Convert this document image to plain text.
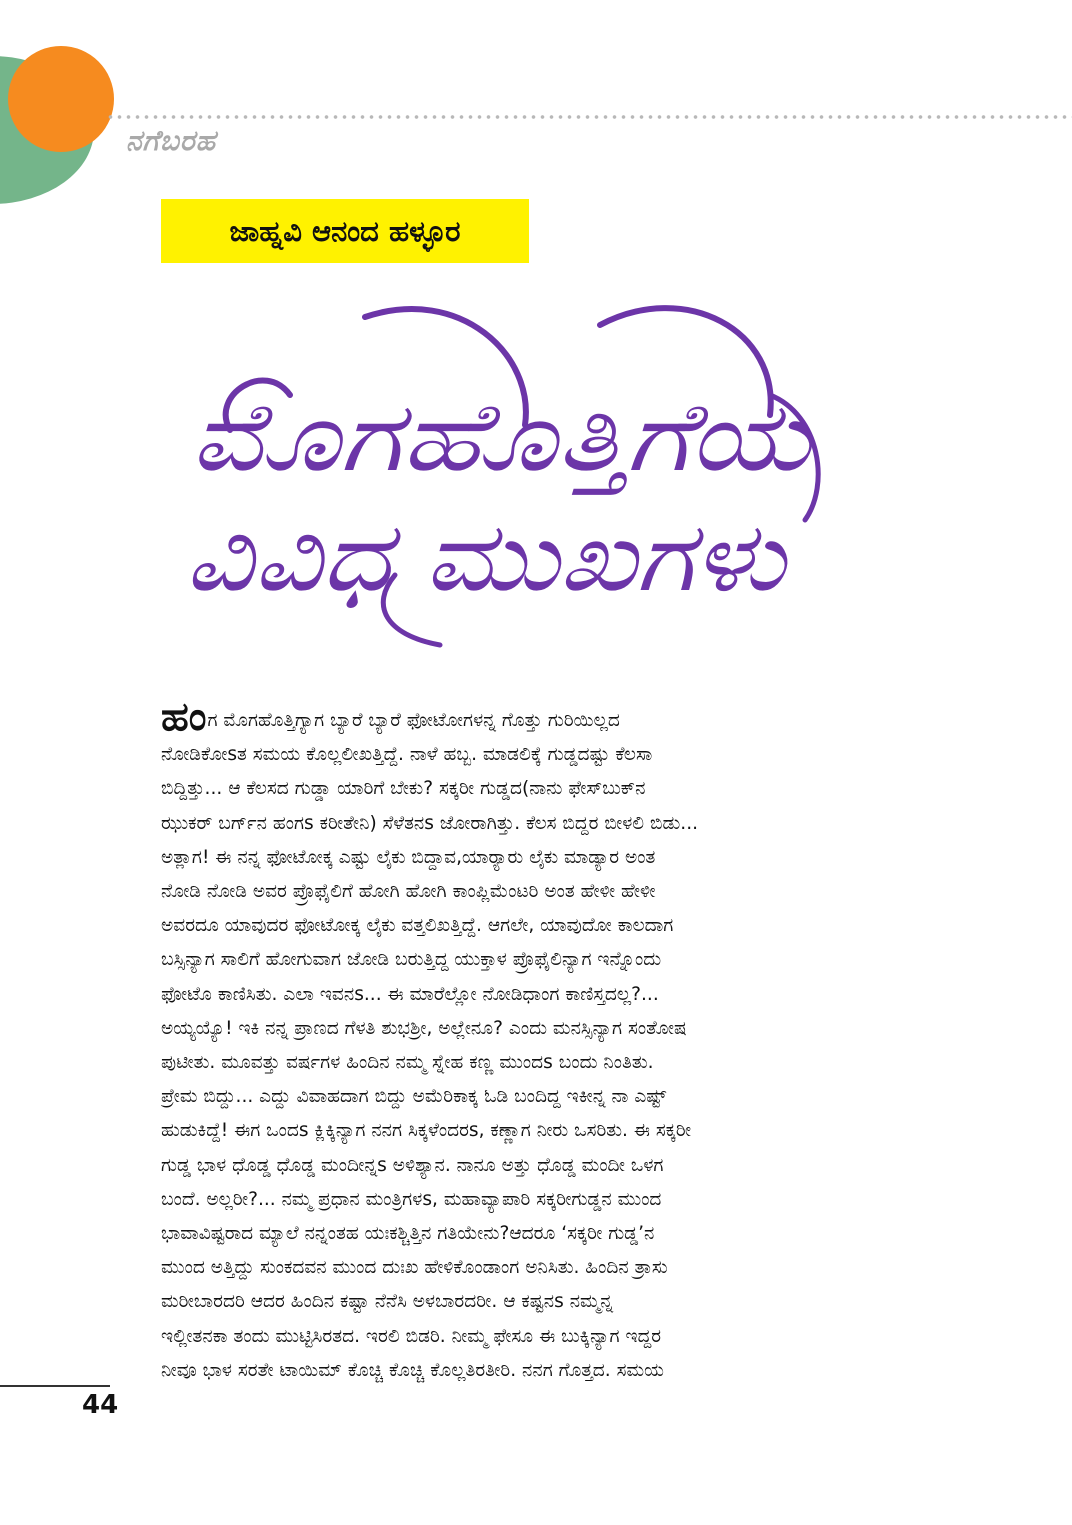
ನಗೆಬರಹ
ಜಾಹ್ನವಿ ಆನಂದ ಹಳ್ಳೂರ
ಮೊಗಹೊತ್ತಿಗೆಯ
ವಿವಿಧ ಮುಖಗಳು
ಹಂಗ ಮೊಗಹೊತ್ತಿಗ್ಯಾಗ ಬ್ಯಾರೆ ಬ್ಯಾರೆ ಫೋಟೋಗಳನ್ನ ಗೊತ್ತು ಗುರಿಯಿಲ್ಲದ
ನೋಡಿಕೋsತ ಸಮಯ ಕೊಲ್ಲಲೀಖತ್ತಿದ್ದೆ. ನಾಳೆ ಹಬ್ಬ. ಮಾಡಲಿಕ್ಕೆ ಗುಡ್ಡದಷ್ಟು ಕೆಲಸಾ
ಬಿದ್ದಿತ್ತು... ಆ ಕೆಲಸದ ಗುಡ್ಡಾ ಯಾರಿಗೆ ಬೇಕು? ಸಕ್ಕರೀ ಗುಡ್ಡದ(ನಾನು ಫೇಸ್‌ಬುಕ್‌ನ
ಝುಕರ್ ಬರ್ಗ್‌ನ ಹಂಗs ಕರೀತೇನಿ) ಸೆಳೆತನs ಜೋರಾಗಿತ್ತು. ಕೆಲಸ ಬಿದ್ದರ ಬೀಳಲಿ ಬಿಡು...
ಅತ್ಲಾಗ! ಈ ನನ್ನ ಫೋಟೋಕ್ಕ ಎಷ್ಟು ಲೈಕು ಬಿದ್ದಾವ,ಯಾರ್‍ಯಾರು ಲೈಕು ಮಾಡ್ಯಾರ ಅಂತ
ನೋಡಿ ನೋಡಿ ಅವರ ಪ್ರೊಫೈಲಿಗೆ ಹೋಗಿ ಹೋಗಿ ಕಾಂಪ್ಲಿಮೆಂಟರಿ ಅಂತ ಹೇಳೀ ಹೇಳೀ
ಅವರದೂ ಯಾವುದರ ಫೋಟೋಕ್ಕ ಲೈಕು ವತ್ತಲಿಖತ್ತಿದ್ದೆ. ಆಗಲೇ, ಯಾವುದೋ ಕಾಲದಾಗ
ಬಸ್ಸಿನ್ಯಾಗ ಸಾಲಿಗೆ ಹೋಗುವಾಗ ಜೋಡಿ ಬರುತ್ತಿದ್ದ ಯುಕ್ತಾಳ ಪ್ರೊಫೈಲಿನ್ಯಾಗ ಇನ್ನೊಂದು
ಫೋಟೊ ಕಾಣಿಸಿತು. ಎಲಾ ಇವನs... ಈ ಮಾರೆಲ್ಲೋ ನೋಡಿಧಾಂಗ ಕಾಣಿಸ್ತದಲ್ಲ?...
ಅಯ್ಯಯ್ಯೊ! ಇಕಿ ನನ್ನ ಪ್ರಾಣದ ಗೆಳತಿ ಶುಭಶ್ರೀ, ಅಲ್ಲೇನೂ? ಎಂದು ಮನಸ್ಸಿನ್ಯಾಗ ಸಂತೋಷ
ಪುಟೀತು. ಮೂವತ್ತು ವರ್ಷಗಳ ಹಿಂದಿನ ನಮ್ಮ ಸ್ನೇಹ ಕಣ್ಣ ಮುಂದs ಬಂದು ನಿಂತಿತು.
ಪ್ರೇಮ ಬಿದ್ದು... ಎದ್ದು ವಿವಾಹದಾಗ ಬಿದ್ದು ಅಮೆರಿಕಾಕ್ಕ ಓಡಿ ಬಂದಿದ್ದ ಇಕೀನ್ನ ನಾ ಎಷ್ಟ್
ಹುಡುಕಿದ್ದೆ! ಈಗ ಒಂದs ಕ್ಲಿಕ್ಕಿನ್ಯಾಗ ನನಗ ಸಿಕ್ಕಳೆಂದರs, ಕಣ್ಣಾಗ ನೀರು ಒಸರಿತು. ಈ ಸಕ್ಕರೀ
ಗುಡ್ಡ ಭಾಳ ಧೊಡ್ಡ ಧೊಡ್ಡ ಮಂದೀನ್ನs ಅಳಿಶ್ಯಾನ. ನಾನೂ ಅತ್ತು ಧೊಡ್ಡ ಮಂದೀ ಒಳಗ
ಬಂದೆ. ಅಲ್ಲರೀ?... ನಮ್ಮ ಪ್ರಧಾನ ಮಂತ್ರಿಗಳs, ಮಹಾವ್ಯಾಪಾರಿ ಸಕ್ಕರೀಗುಡ್ಡನ ಮುಂದ
ಭಾವಾವಿಷ್ಟರಾದ ಮ್ಯಾಲೆ ನನ್ನಂತಹ ಯಃಕಶ್ಚಿತ್ತಿನ ಗತಿಯೇನು?ಆದರೂ ‘ಸಕ್ಕರೀ ಗುಡ್ಡ’ನ
ಮುಂದ ಅತ್ತಿದ್ದು ಸುಂಕದವನ ಮುಂದ ದುಃಖ ಹೇಳಿಕೊಂಡಾಂಗ ಅನಿಸಿತು. ಹಿಂದಿನ ತ್ರಾಸು
ಮರೀಬಾರದರಿ ಆದರ ಹಿಂದಿನ ಕಷ್ಟಾ ನೆನೆಸಿ ಅಳಬಾರದರೀ. ಆ ಕಷ್ಟನs ನಮ್ಮನ್ನ
ಇಲ್ಲೀತನಕಾ ತಂದು ಮುಟ್ಟಿಸಿರತದ. ಇರಲಿ ಬಿಡರಿ. ನೀಮ್ಮ ಫೇಸೂ ಈ ಬುಕ್ಕಿನ್ಯಾಗ ಇದ್ದರ
ನೀವೂ ಭಾಳ ಸರತೇ ಟಾಯಿಮ್ ಕೊಚ್ಚಿ ಕೊಚ್ಚಿ ಕೊಲ್ಲತಿರತೀರಿ. ನನಗ ಗೊತ್ತದ. ಸಮಯ
44
